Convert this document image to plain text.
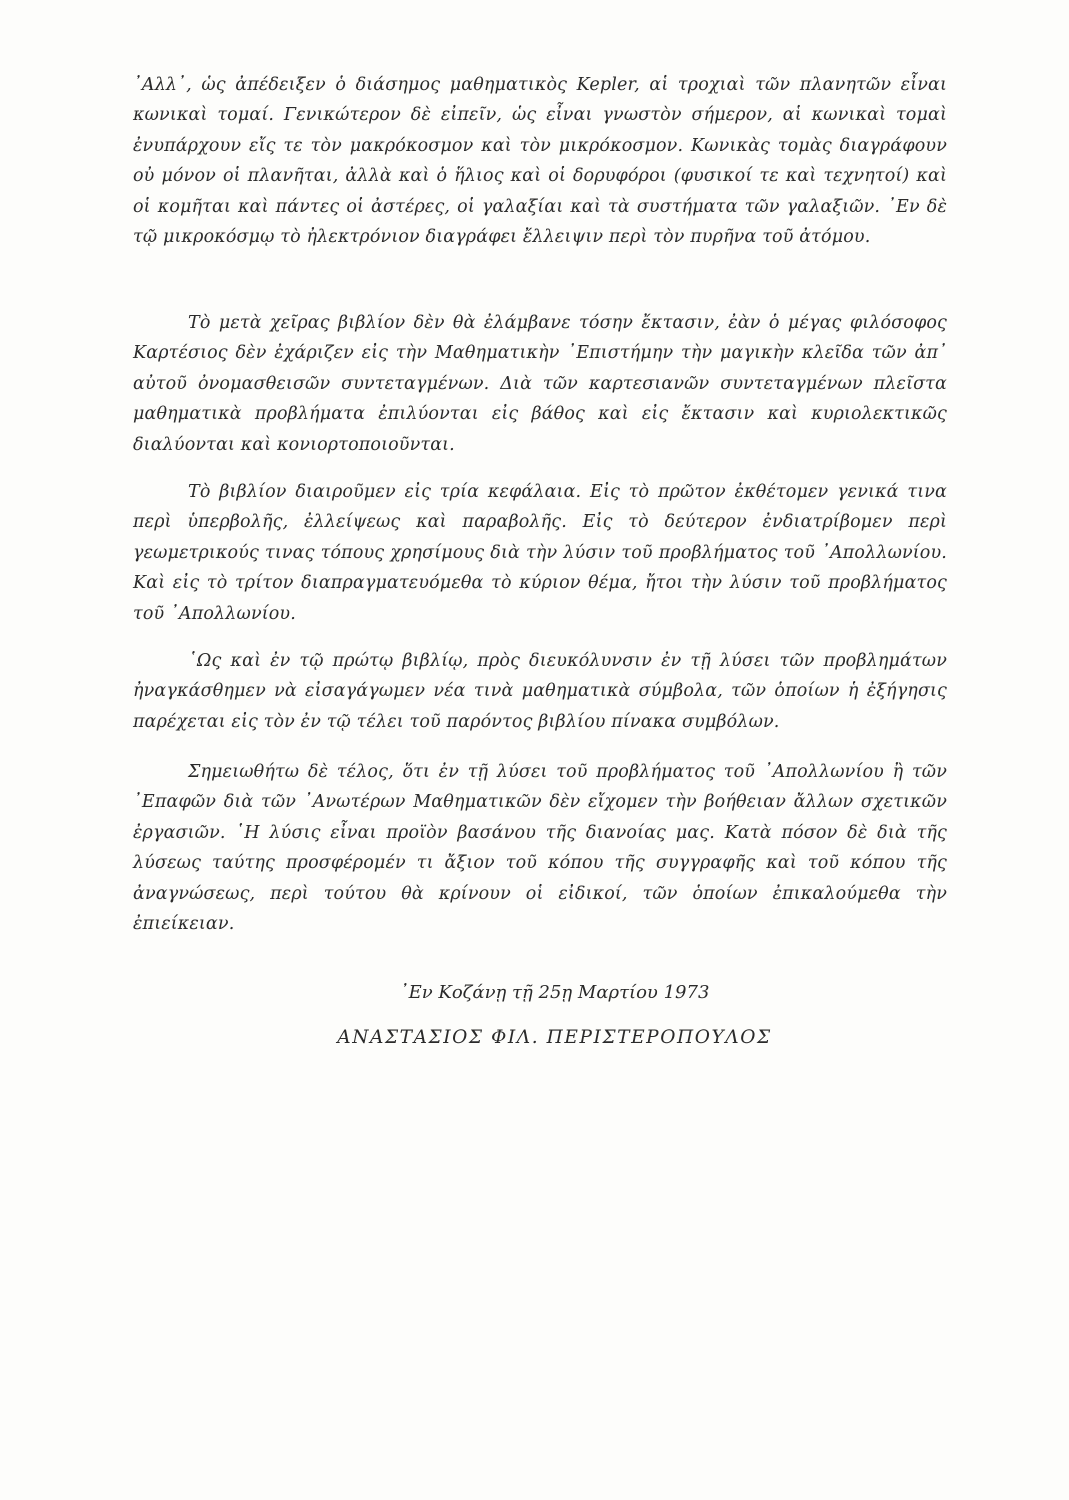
᾿Αλλ᾿, ὡς ἀπέδειξεν ὁ διάσημος μαθηματικὸς Kepler, αἱ τροχιαὶ τῶν πλανητῶν εἶναι κωνικαὶ τομαί. Γενικώτερον δὲ εἰπεῖν, ὡς εἶναι γνωστὸν σήμερον, αἱ κωνικαὶ τομαὶ ἐνυπάρχουν εἴς τε τὸν μακρόκοσμον καὶ τὸν μικρόκοσμον. Κωνικὰς τομὰς διαγράφουν οὐ μόνον οἱ πλανῆται, ἀλλὰ καὶ ὁ ἥλιος καὶ οἱ δορυφόροι (φυσικοί τε καὶ τεχνητοί) καὶ οἱ κομῆται καὶ πάντες οἱ ἀστέρες, οἱ γαλαξίαι καὶ τὰ συστήματα τῶν γαλαξιῶν. ᾿Εν δὲ τῷ μικροκόσμῳ τὸ ἠλεκτρόνιον διαγράφει ἔλλειψιν περὶ τὸν πυρῆνα τοῦ ἀτόμου.

Τὸ μετὰ χεῖρας βιβλίον δὲν θὰ ἐλάμβανε τόσην ἔκτασιν, ἐὰν ὁ μέγας φιλόσοφος Καρτέσιος δὲν ἐχάριζεν εἰς τὴν Μαθηματικὴν ᾿Επιστήμην τὴν μαγικὴν κλεῖδα τῶν ἀπ᾿ αὐτοῦ ὀνομασθεισῶν συντεταγμένων. Διὰ τῶν καρτεσιανῶν συντεταγμένων πλεῖστα μαθηματικὰ προβλήματα ἐπιλύονται εἰς βάθος καὶ εἰς ἔκτασιν καὶ κυριολεκτικῶς διαλύονται καὶ κονιορτοποιοῦνται.

Τὸ βιβλίον διαιροῦμεν εἰς τρία κεφάλαια. Εἰς τὸ πρῶτον ἐκθέτομεν γενικά τινα περὶ ὑπερβολῆς, ἐλλείψεως καὶ παραβολῆς. Εἰς τὸ δεύτερον ἐνδιατρίβομεν περὶ γεωμετρικούς τινας τόπους χρησίμους διὰ τὴν λύσιν τοῦ προβλήματος τοῦ ᾿Απολλωνίου. Καὶ εἰς τὸ τρίτον διαπραγματευόμεθα τὸ κύριον θέμα, ἤτοι τὴν λύσιν τοῦ προβλήματος τοῦ ᾿Απολλωνίου.

῾Ως καὶ ἐν τῷ πρώτῳ βιβλίῳ, πρὸς διευκόλυνσιν ἐν τῇ λύσει τῶν προβλημάτων ἠναγκάσθημεν νὰ εἰσαγάγωμεν νέα τινὰ μαθηματικὰ σύμβολα, τῶν ὁποίων ἡ ἐξήγησις παρέχεται εἰς τὸν ἐν τῷ τέλει τοῦ παρόντος βιβλίου πίνακα συμβόλων.

Σημειωθήτω δὲ τέλος, ὅτι ἐν τῇ λύσει τοῦ προβλήματος τοῦ ᾿Απολλωνίου ἢ τῶν ᾿Επαφῶν διὰ τῶν ᾿Ανωτέρων Μαθηματικῶν δὲν εἴχομεν τὴν βοήθειαν ἄλλων σχετικῶν ἐργασιῶν. ῾Η λύσις εἶναι προϊὸν βασάνου τῆς διανοίας μας. Κατὰ πόσον δὲ διὰ τῆς λύσεως ταύτης προσφέρομέν τι ἄξιον τοῦ κόπου τῆς συγγραφῆς καὶ τοῦ κόπου τῆς ἀναγνώσεως, περὶ τούτου θὰ κρίνουν οἱ εἰδικοί, τῶν ὁποίων ἐπικαλούμεθα τὴν ἐπιείκειαν.

᾿Εν Κοζάνῃ τῇ 25ῃ Μαρτίου 1973
ΑΝΑΣΤΑΣΙΟΣ ΦΙΛ. ΠΕΡΙΣΤΕΡΟΠΟΥΛΟΣ
